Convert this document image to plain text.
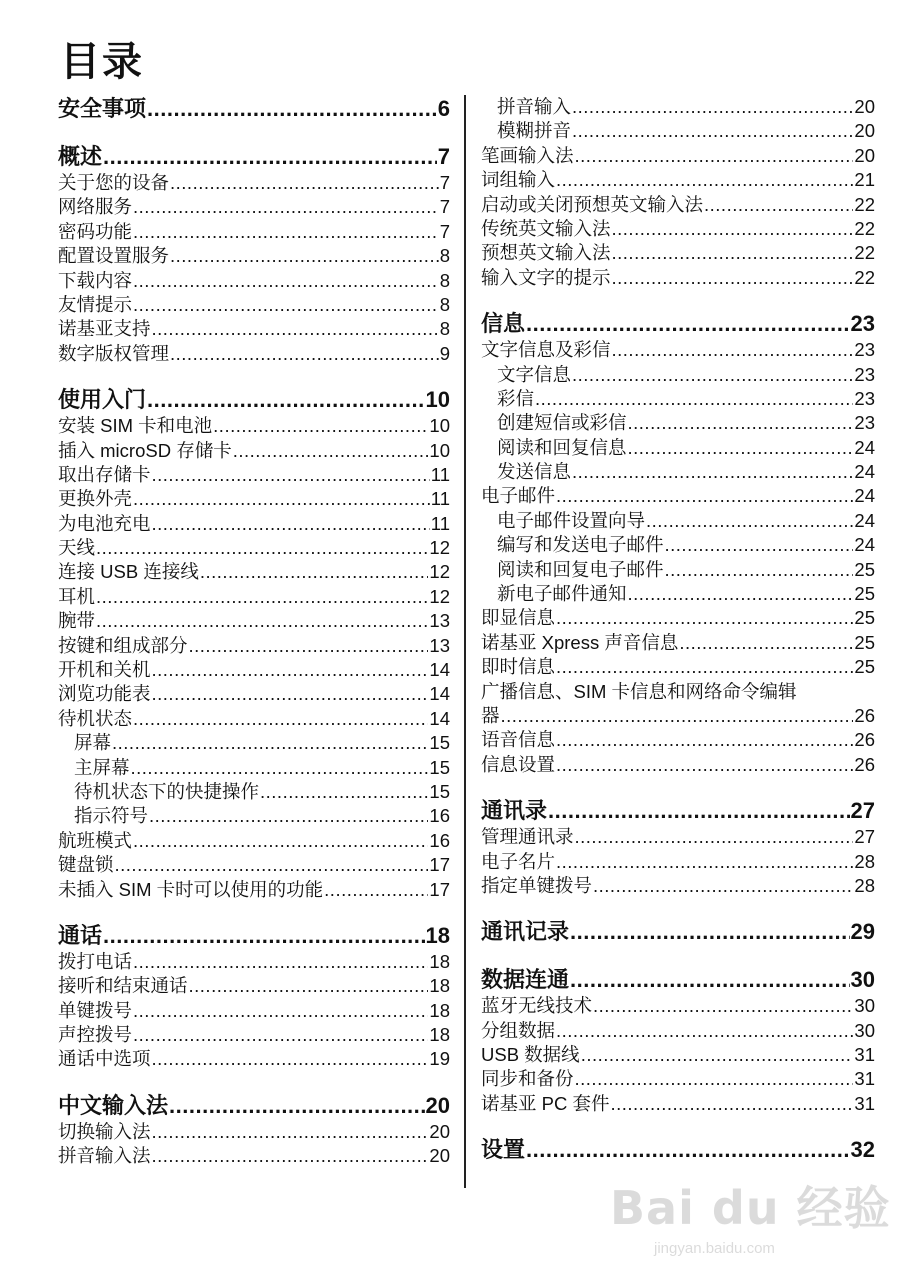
目录
安全事项 .....	6
概述 .....	7
关于您的设备 .....	7
网络服务 .....	7
密码功能 .....	7
配置设置服务 .....	8
下载内容 .....	8
友情提示 .....	8
诺基亚支持 .....	8
数字版权管理 .....	9
使用入门 .....	10
安装 SIM 卡和电池 .....	10
插入 microSD 存储卡 .....	10
取出存储卡 .....	11
更换外壳 .....	11
为电池充电 .....	11
天线 .....	12
连接 USB 连接线 .....	12
耳机 .....	12
腕带 .....	13
按键和组成部分 .....	13
开机和关机 .....	14
浏览功能表 .....	14
待机状态 .....	14
屏幕 .....	15
主屏幕 .....	15
待机状态下的快捷操作 .....	15
指示符号 .....	16
航班模式 .....	16
键盘锁 .....	17
未插入 SIM 卡时可以使用的功能 .....	17
通话 .....	18
拨打电话 .....	18
接听和结束通话 .....	18
单键拨号 .....	18
声控拨号 .....	18
通话中选项 .....	19
中文输入法 .....	20
切换输入法 .....	20
拼音输入法 .....	20
拼音输入 .....	20
模糊拼音 .....	20
笔画输入法 .....	20
词组输入 .....	21
启动或关闭预想英文输入法 .....	22
传统英文输入法 .....	22
预想英文输入法 .....	22
输入文字的提示 .....	22
信息 .....	23
文字信息及彩信 .....	23
文字信息 .....	23
彩信 .....	23
创建短信或彩信 .....	23
阅读和回复信息 .....	24
发送信息 .....	24
电子邮件 .....	24
电子邮件设置向导 .....	24
编写和发送电子邮件 .....	24
阅读和回复电子邮件 .....	25
新电子邮件通知 .....	25
即显信息 .....	25
诺基亚 Xpress 声音信息 .....	25
即时信息 .....	25
广播信息、SIM 卡信息和网络命令编辑
器 .....	26
语音信息 .....	26
信息设置 .....	26
通讯录 .....	27
管理通讯录 .....	27
电子名片 .....	28
指定单键拨号 .....	28
通讯记录 .....	29
数据连通 .....	30
蓝牙无线技术 .....	30
分组数据 .....	30
USB 数据线 .....	31
同步和备份 .....	31
诺基亚 PC 套件 .....	31
设置 .....	32
Bai du 经验
jingyan.baidu.com
